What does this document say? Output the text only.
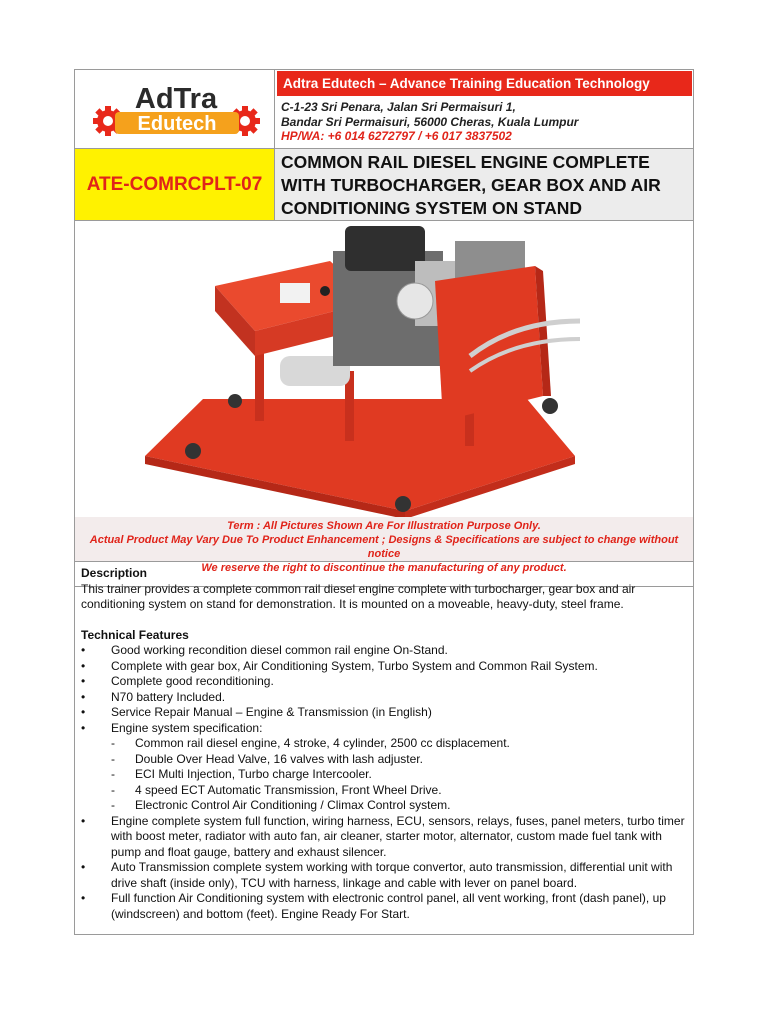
AdTra
Edutech
Adtra Edutech – Advance Training Education Technology
C-1-23 Sri Penara, Jalan Sri Permaisuri 1,
Bandar Sri Permaisuri, 56000 Cheras, Kuala Lumpur
HP/WA: +6 014 6272797 / +6 017 3837502
ATE-COMRCPLT-07
COMMON RAIL DIESEL ENGINE COMPLETE
WITH TURBOCHARGER, GEAR BOX AND AIR
CONDITIONING SYSTEM ON STAND
Term : All Pictures Shown Are For Illustration Purpose Only.
Actual Product May Vary Due To Product Enhancement ; Designs & Specifications are subject to change without notice
We reserve the right to discontinue the manufacturing of any product.

Description

This trainer provides a complete common rail diesel engine complete with turbocharger, gear box and air conditioning system on stand for demonstration. It is mounted on a moveable, heavy-duty, steel frame.

Technical Features

• Good working recondition diesel common rail engine On-Stand.
• Complete with gear box, Air Conditioning System, Turbo System and Common Rail System.
• Complete good reconditioning.
• N70 battery Included.
• Service Repair Manual – Engine & Transmission (in English)
• Engine system specification:
- Common rail diesel engine, 4 stroke, 4 cylinder, 2500 cc displacement.
- Double Over Head Valve, 16 valves with lash adjuster.
- ECI Multi Injection, Turbo charge Intercooler.
- 4 speed ECT Automatic Transmission, Front Wheel Drive.
- Electronic Control Air Conditioning / Climax Control system.
• Engine complete system full function, wiring harness, ECU, sensors, relays, fuses, panel meters, turbo timer with boost meter, radiator with auto fan, air cleaner, starter motor, alternator, custom made fuel tank with pump and float gauge, battery and exhaust silencer.
• Auto Transmission complete system working with torque convertor, auto transmission, differential unit with drive shaft (inside only), TCU with harness, linkage and cable with lever on panel board.
• Full function Air Conditioning system with electronic control panel, all vent working, front (dash panel), up (windscreen) and bottom (feet). Engine Ready For Start.
